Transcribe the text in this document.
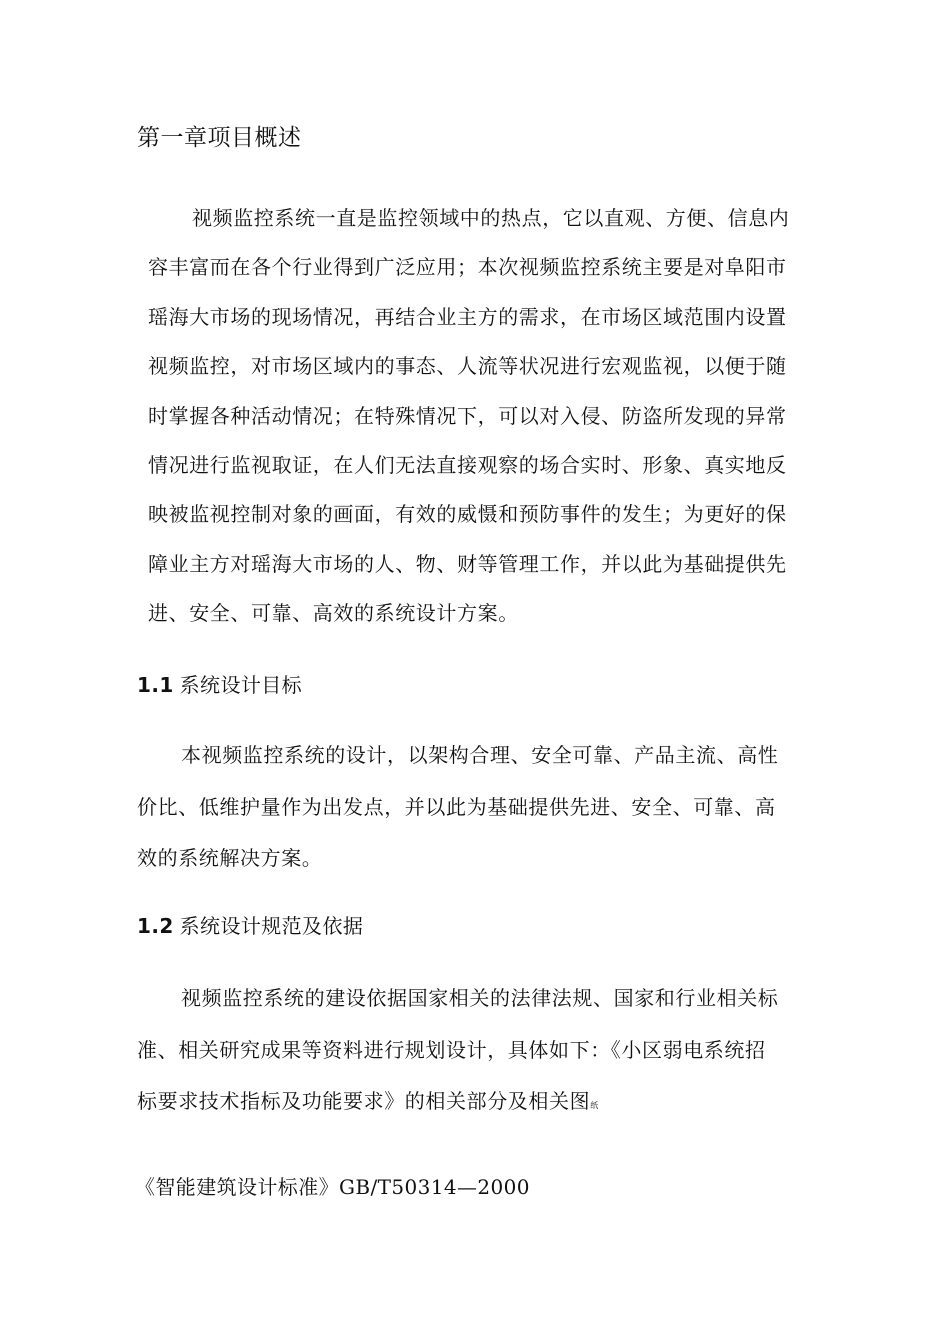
第一章项目概述
视频监控系统一直是监控领域中的热点，它以直观、方便、信息内
容丰富而在各个行业得到广泛应用；本次视频监控系统主要是对阜阳市
瑶海大市场的现场情况，再结合业主方的需求，在市场区域范围内设置
视频监控，对市场区域内的事态、人流等状况进行宏观监视，以便于随
时掌握各种活动情况；在特殊情况下，可以对入侵、防盗所发现的异常
情况进行监视取证，在人们无法直接观察的场合实时、形象、真实地反
映被监视控制对象的画面，有效的威慑和预防事件的发生；为更好的保
障业主方对瑶海大市场的人、物、财等管理工作，并以此为基础提供先
进、安全、可靠、高效的系统设计方案。
1.1 系统设计目标
本视频监控系统的设计，以架构合理、安全可靠、产品主流、高性
价比、低维护量作为出发点，并以此为基础提供先进、安全、可靠、高
效的系统解决方案。
1.2 系统设计规范及依据
视频监控系统的建设依据国家相关的法律法规、国家和行业相关标
准、相关研究成果等资料进行规划设计，具体如下：《小区弱电系统招
标要求技术指标及功能要求》的相关部分及相关图纸

《智能建筑设计标准》GB/T50314—2000
